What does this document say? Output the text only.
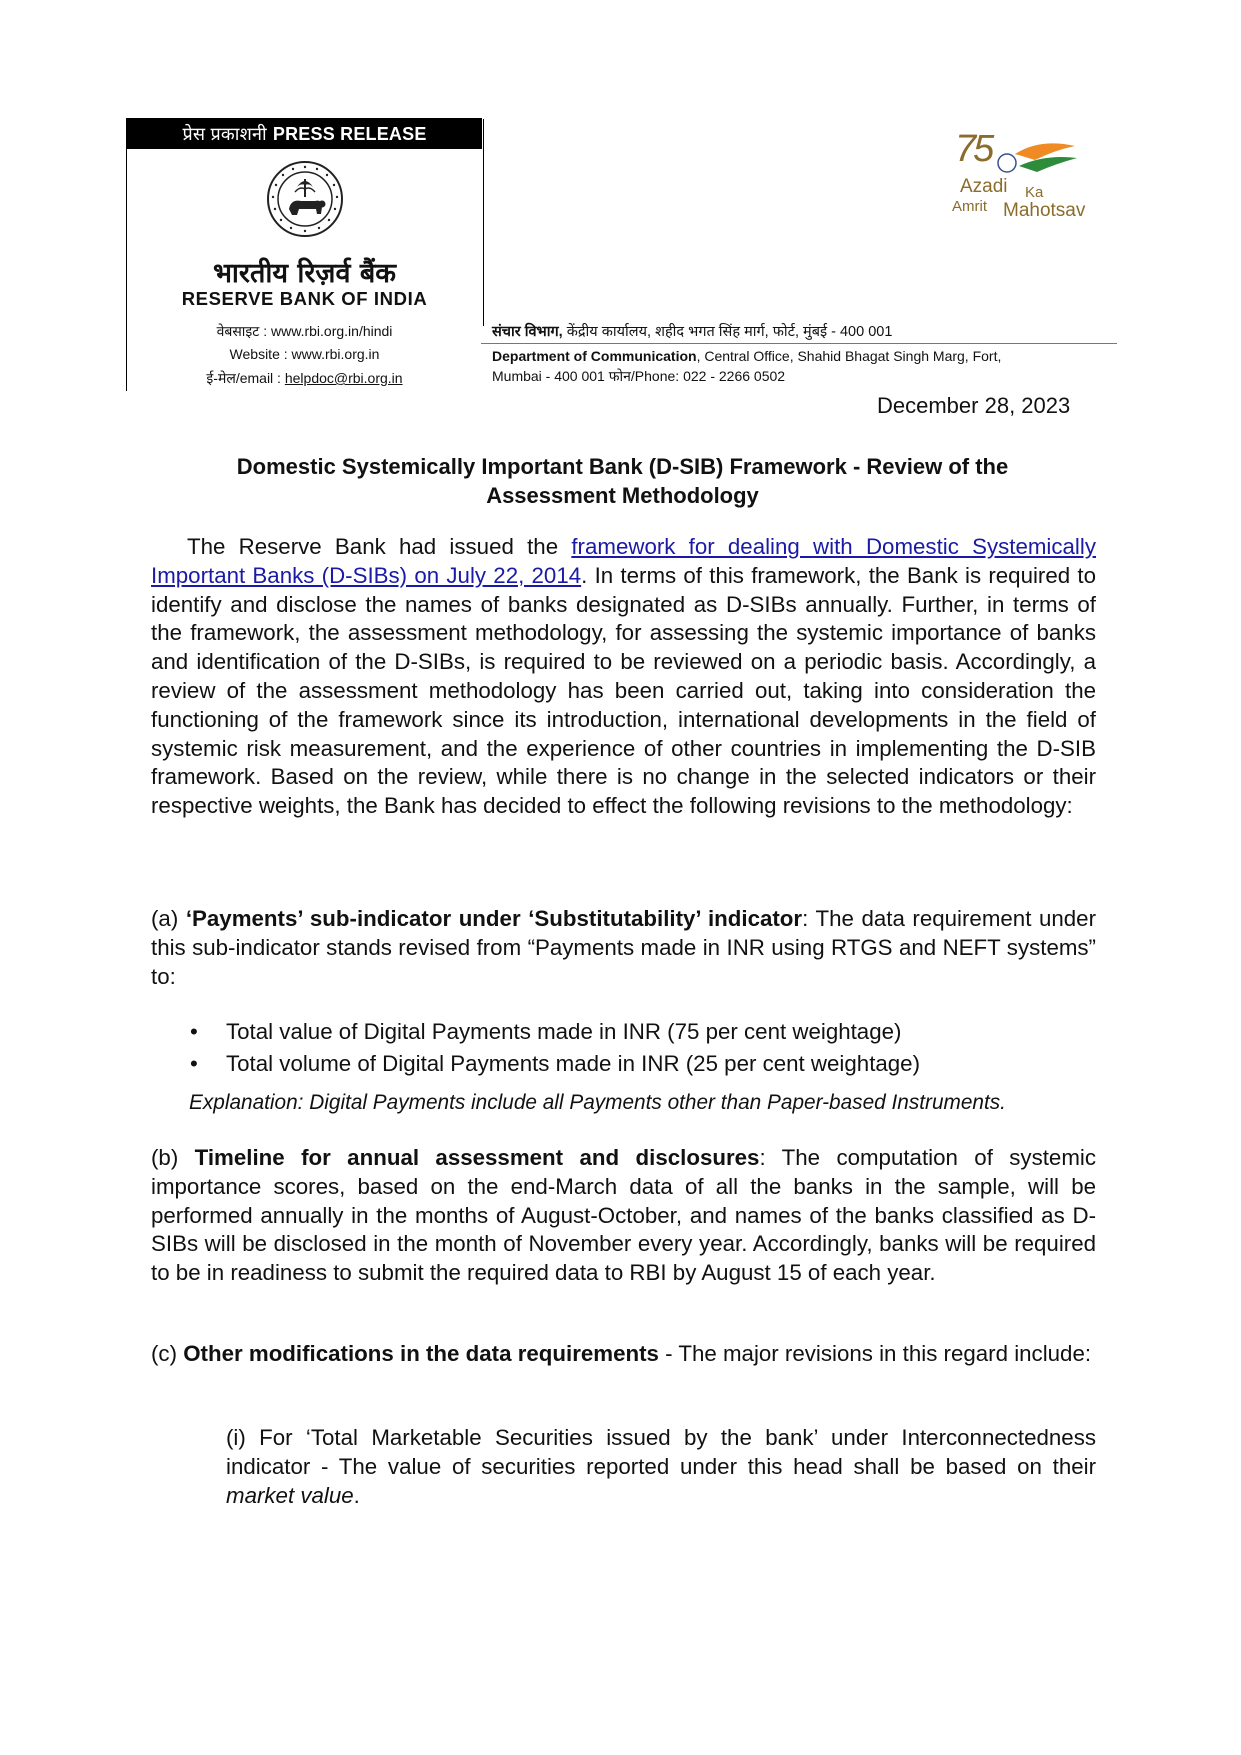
प्रेस प्रकाशनी PRESS RELEASE
भारतीय रिज़र्व बैंक
RESERVE BANK OF INDIA
वेबसाइट : www.rbi.org.in/hindi
Website : www.rbi.org.in
ई-मेल/email : helpdoc@rbi.org.in
संचार विभाग, केंद्रीय कार्यालय, शहीद भगत सिंह मार्ग, फोर्ट, मुंबई - 400 001
Department of Communication, Central Office, Shahid Bhagat Singh Marg, Fort,
Mumbai - 400 001 फोन/Phone: 022 - 2266 0502
75
Azadi Ka
Amrit Mahotsav
December 28, 2023
Domestic Systemically Important Bank (D-SIB) Framework - Review of the
Assessment Methodology
The Reserve Bank had issued the framework for dealing with Domestic Systemically Important Banks (D-SIBs) on July 22, 2014. In terms of this framework, the Bank is required to identify and disclose the names of banks designated as D-SIBs annually. Further, in terms of the framework, the assessment methodology, for assessing the systemic importance of banks and identification of the D-SIBs, is required to be reviewed on a periodic basis. Accordingly, a review of the assessment methodology has been carried out, taking into consideration the functioning of the framework since its introduction, international developments in the field of systemic risk measurement, and the experience of other countries in implementing the D-SIB framework. Based on the review, while there is no change in the selected indicators or their respective weights, the Bank has decided to effect the following revisions to the methodology:
(a) ‘Payments’ sub-indicator under ‘Substitutability’ indicator: The data requirement under this sub-indicator stands revised from “Payments made in INR using RTGS and NEFT systems” to:
• Total value of Digital Payments made in INR (75 per cent weightage)
• Total volume of Digital Payments made in INR (25 per cent weightage)
Explanation: Digital Payments include all Payments other than Paper-based Instruments.
(b) Timeline for annual assessment and disclosures: The computation of systemic importance scores, based on the end-March data of all the banks in the sample, will be performed annually in the months of August-October, and names of the banks classified as D-SIBs will be disclosed in the month of November every year. Accordingly, banks will be required to be in readiness to submit the required data to RBI by August 15 of each year.
(c) Other modifications in the data requirements - The major revisions in this regard include:
(i) For ‘Total Marketable Securities issued by the bank’ under Interconnectedness indicator - The value of securities reported under this head shall be based on their market value.
